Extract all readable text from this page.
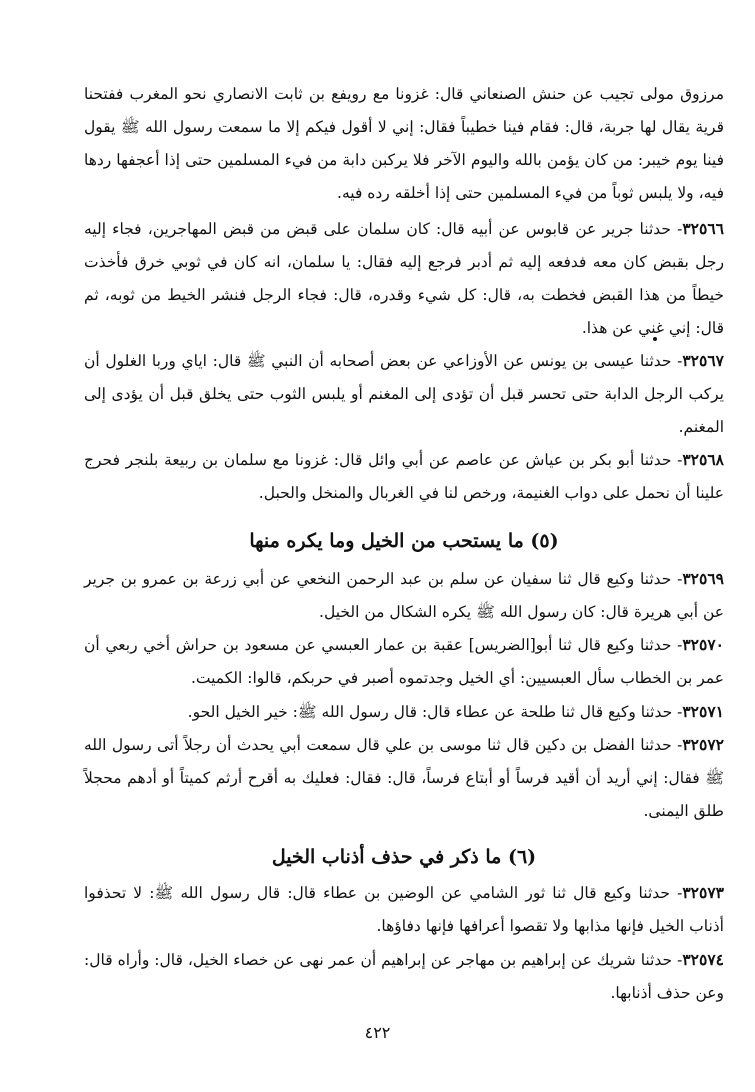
مرزوق مولى تجيب عن حنش الصنعاني قال: غزونا مع رويفع بن ثابت الانصاري نحو المغرب ففتحنا قرية يقال لها جربة، قال: فقام فينا خطيباً فقال: إني لا أقول فيكم إلا ما سمعت رسول الله ﷺ يقول فينا يوم خيبر: من كان يؤمن بالله واليوم الآخر فلا يركبن دابة من فيء المسلمين حتى إذا أعجفها ردها فيه، ولا يلبس ثوباً من فيء المسلمين حتى إذا أخلقه رده فيه.
٣٢٥٦٦- حدثنا جرير عن قابوس عن أبيه قال: كان سلمان على قبض من قبض المهاجرين، فجاء إليه رجل بقبض كان معه فدفعه إليه ثم أدبر فرجع إليه فقال: يا سلمان، انه كان في ثوبي خرق فأخذت خيطاً من هذا القبض فخطت به، قال: كل شيء وقدره، قال: فجاء الرجل فنشر الخيط من ثوبه، ثم قال: إني غني عن هذا.
٣٢٥٦٧- حدثنا عيسى بن يونس عن الأوزاعي عن بعض أصحابه أن النبي ﷺ قال: اياي وربا الغلول أن يركب الرجل الدابة حتى تحسر قبل أن تؤدى إلى المغنم أو يلبس الثوب حتى يخلق قبل أن يؤدى إلى المغنم.
٣٢٥٦٨- حدثنا أبو بكر بن عياش عن عاصم عن أبي وائل قال: غزونا مع سلمان بن ربيعة بلنجر فحرج علينا أن نحمل على دواب الغنيمة، ورخص لنا في الغربال والمنخل والحبل.
(٥) ما يستحب من الخيل وما يكره منها
٣٢٥٦٩- حدثنا وكيع قال ثنا سفيان عن سلم بن عبد الرحمن النخعي عن أبي زرعة بن عمرو بن جرير عن أبي هريرة قال: كان رسول الله ﷺ يكره الشكال من الخيل.
٣٢٥٧٠- حدثنا وكيع قال ثنا أبو[الضريس] عقبة بن عمار العبسي عن مسعود بن حراش أخي ربعي أن عمر بن الخطاب سأل العبسيين: أي الخيل وجدتموه أصبر في حربكم، قالوا: الكميت.
٣٢٥٧١- حدثنا وكيع قال ثنا طلحة عن عطاء قال: قال رسول الله ﷺ: خير الخيل الحو.
٣٢٥٧٢- حدثنا الفضل بن دكين قال ثنا موسى بن علي قال سمعت أبي يحدث أن رجلاً أتى رسول الله ﷺ فقال: إني أريد أن أقيد فرساً أو أبتاع فرساً، قال: فقال: فعليك به أقرح أرثم كميتاً أو أدهم محجلاً طلق اليمنى.
(٦) ما ذكر في حذف أذناب الخيل
٣٢٥٧٣- حدثنا وكيع قال ثنا ثور الشامي عن الوضين بن عطاء قال: قال رسول الله ﷺ: لا تحذفوا أذناب الخيل فإنها مذابها ولا تقصوا أعرافها فإنها دفاؤها.
٣٢٥٧٤- حدثنا شريك عن إبراهيم بن مهاجر عن إبراهيم أن عمر نهى عن خصاء الخيل، قال: وأراه قال: وعن حذف أذنابها.
٤٢٢
